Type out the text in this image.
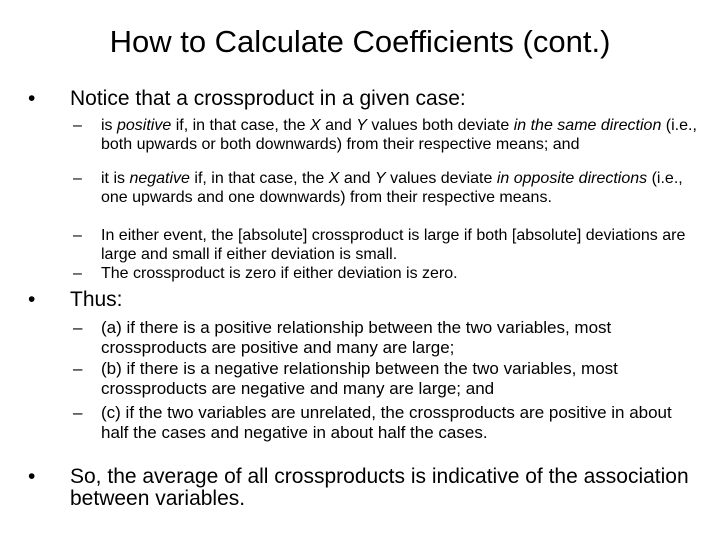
How to Calculate Coefficients (cont.)
• Notice that a crossproduct in a given case:
– is positive if, in that case, the X and Y values both deviate in the same direction (i.e., both upwards or both downwards) from their respective means; and
– it is negative if, in that case, the X and Y values deviate in opposite directions (i.e., one upwards and one downwards) from their respective means.
– In either event, the [absolute] crossproduct is large if both [absolute] deviations are large and small if either deviation is small.
– The crossproduct is zero if either deviation is zero.
• Thus:
– (a) if there is a positive relationship between the two variables, most crossproducts are positive and many are large;
– (b) if there is a negative relationship between the two variables, most crossproducts are negative and many are large; and
– (c) if the two variables are unrelated, the crossproducts are positive in about half the cases and negative in about half the cases.
• So, the average of all crossproducts is indicative of the association between variables.
